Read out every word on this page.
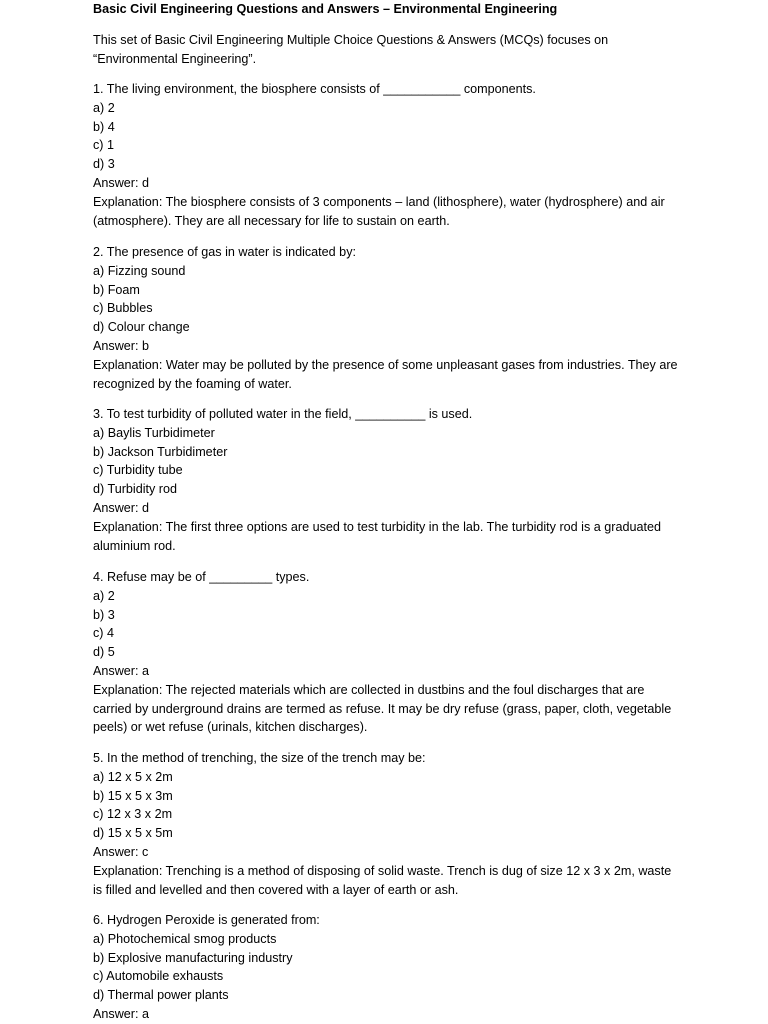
Basic Civil Engineering Questions and Answers – Environmental Engineering
This set of Basic Civil Engineering Multiple Choice Questions & Answers (MCQs) focuses on “Environmental Engineering”.
1. The living environment, the biosphere consists of ___________ components.
a) 2
b) 4
c) 1
d) 3
Answer: d
Explanation: The biosphere consists of 3 components – land (lithosphere), water (hydrosphere) and air (atmosphere). They are all necessary for life to sustain on earth.
2. The presence of gas in water is indicated by:
a) Fizzing sound
b) Foam
c) Bubbles
d) Colour change
Answer: b
Explanation: Water may be polluted by the presence of some unpleasant gases from industries. They are recognized by the foaming of water.
3. To test turbidity of polluted water in the field, __________ is used.
a) Baylis Turbidimeter
b) Jackson Turbidimeter
c) Turbidity tube
d) Turbidity rod
Answer: d
Explanation: The first three options are used to test turbidity in the lab. The turbidity rod is a graduated aluminium rod.
4. Refuse may be of _________ types.
a) 2
b) 3
c) 4
d) 5
Answer: a
Explanation: The rejected materials which are collected in dustbins and the foul discharges that are carried by underground drains are termed as refuse. It may be dry refuse (grass, paper, cloth, vegetable peels) or wet refuse (urinals, kitchen discharges).
5. In the method of trenching, the size of the trench may be:
a) 12 x 5 x 2m
b) 15 x 5 x 3m
c) 12 x 3 x 2m
d) 15 x 5 x 5m
Answer: c
Explanation: Trenching is a method of disposing of solid waste. Trench is dug of size 12 x 3 x 2m, waste is filled and levelled and then covered with a layer of earth or ash.
6. Hydrogen Peroxide is generated from:
a) Photochemical smog products
b) Explosive manufacturing industry
c) Automobile exhausts
d) Thermal power plants
Answer: a
